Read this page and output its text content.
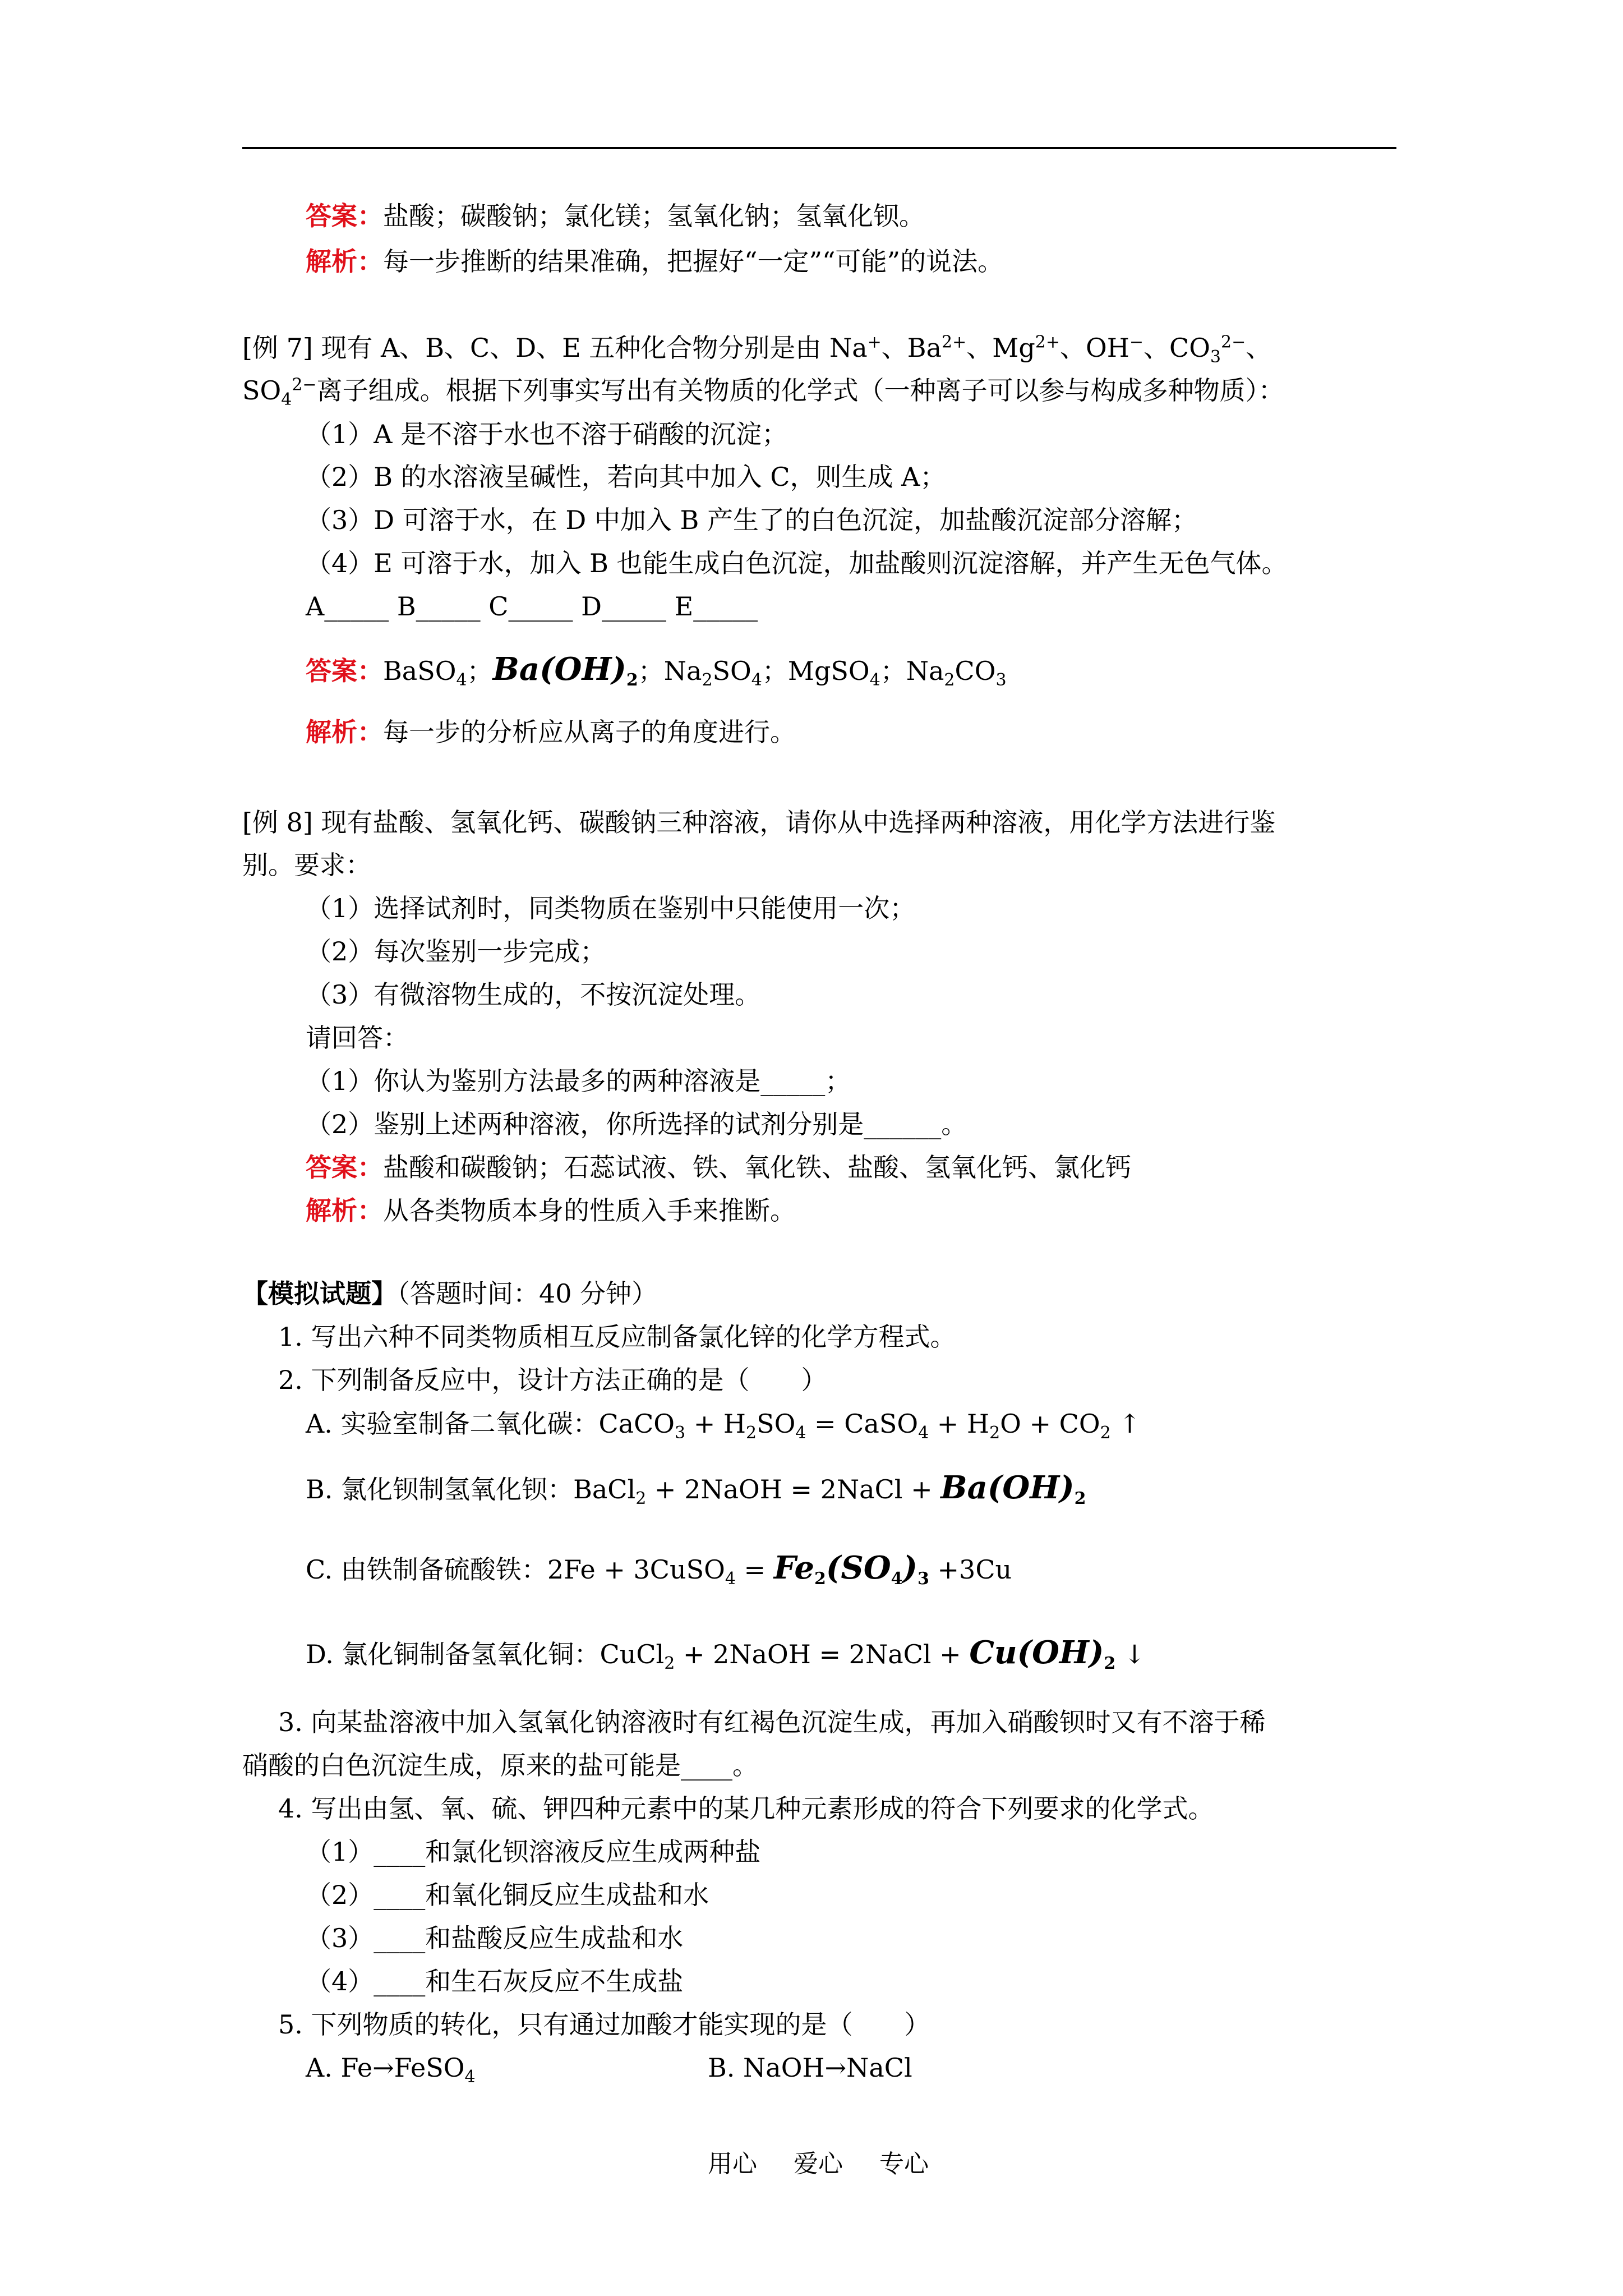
答案：盐酸；碳酸钠；氯化镁；氢氧化钠；氢氧化钡。
解析：每一步推断的结果准确，把握好“一定”“可能”的说法。
[例 7] 现有 A、B、C、D、E 五种化合物分别是由 Na+、$Ba^{2+}$、$Mg^{2+}$、OH−、$CO_3^{2-}$、
$SO_4^{2-}$离子组成。根据下列事实写出有关物质的化学式（一种离子可以参与构成多种物质）：
（1）A 是不溶于水也不溶于硝酸的沉淀；
（2）B 的水溶液呈碱性，若向其中加入 C，则生成 A；
（3）D 可溶于水，在 D 中加入 B 产生了的白色沉淀，加盐酸沉淀部分溶解；
（4）E 可溶于水，加入 B 也能生成白色沉淀，加盐酸则沉淀溶解，并产生无色气体。
A_____ B_____ C_____ D_____ E_____
答案：BaSO$_4$；$Ba(OH)_2$；$Na_2SO_4$；MgSO$_4$；$Na_2CO_3$
解析：每一步的分析应从离子的角度进行。
[例 8] 现有盐酸、氢氧化钙、碳酸钠三种溶液，请你从中选择两种溶液，用化学方法进行鉴
别。要求：
（1）选择试剂时，同类物质在鉴别中只能使用一次；
（2）每次鉴别一步完成；
（3）有微溶物生成的，不按沉淀处理。
请回答：
（1）你认为鉴别方法最多的两种溶液是_____；
（2）鉴别上述两种溶液，你所选择的试剂分别是______。
答案：盐酸和碳酸钠；石蕊试液、铁、氧化铁、盐酸、氢氧化钙、氯化钙
解析：从各类物质本身的性质入手来推断。
【模拟试题】（答题时间：40 分钟）
1. 写出六种不同类物质相互反应制备氯化锌的化学方程式。
2. 下列制备反应中，设计方法正确的是（　　）
A. 实验室制备二氧化碳：CaCO$_3$ + $H_2SO_4$ = CaSO$_4$ + $H_2O + CO_2$ ↑
B. 氯化钡制氢氧化钡：BaCl$_2$ + 2NaOH = 2NaCl + $Ba(OH)_2$
C. 由铁制备硫酸铁：2Fe + 3CuSO$_4$ = $Fe_2(SO_4)_3 +3Cu$
D. 氯化铜制备氢氧化铜：CuCl$_2$ + 2NaOH = 2NaCl + $Cu(OH)_2$ ↓
3. 向某盐溶液中加入氢氧化钠溶液时有红褐色沉淀生成，再加入硝酸钡时又有不溶于稀
硝酸的白色沉淀生成，原来的盐可能是____。
4. 写出由氢、氧、硫、钾四种元素中的某几种元素形成的符合下列要求的化学式。
（1）____和氯化钡溶液反应生成两种盐
（2）____和氧化铜反应生成盐和水
（3）____和盐酸反应生成盐和水
（4）____和生石灰反应不生成盐
5. 下列物质的转化，只有通过加酸才能实现的是（　　）
A. Fe→FeSO$_4$	B. NaOH→NaCl
用心 爱心 专心
